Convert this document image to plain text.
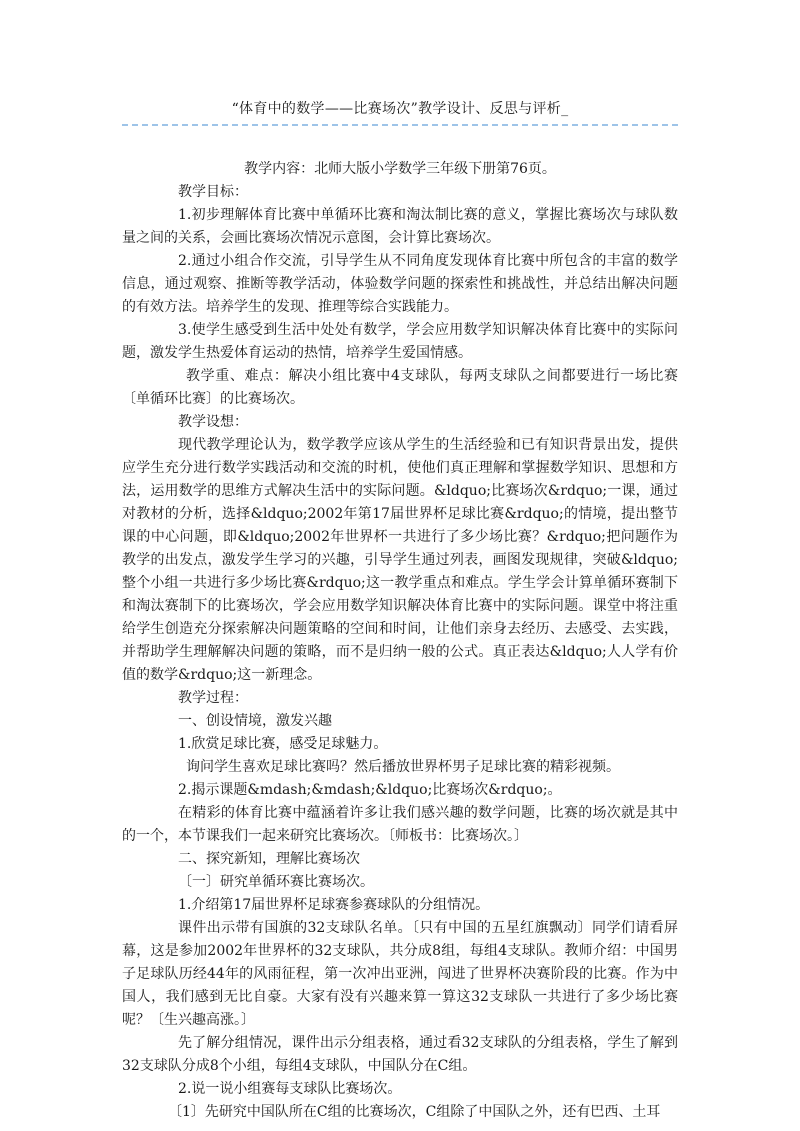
“体育中的数学——比赛场次”教学设计、反思与评析_

教学内容：北师大版小学数学三年级下册第76页。

教学目标：

1.初步理解体育比赛中单循环比赛和淘汰制比赛的意义，掌握比赛场次与球队数量之间的关系，会画比赛场次情况示意图，会计算比赛场次。

2.通过小组合作交流，引导学生从不同角度发现体育比赛中所包含的丰富的数学信息，通过观察、推断等教学活动，体验数学问题的探索性和挑战性，并总结出解决问题的有效方法。培养学生的发现、推理等综合实践能力。

3.使学生感受到生活中处处有数学，学会应用数学知识解决体育比赛中的实际问题，激发学生热爱体育运动的热情，培养学生爱国情感。

教学重、难点：解决小组比赛中4支球队，每两支球队之间都要进行一场比赛〔单循环比赛〕的比赛场次。

教学设想：

现代教学理论认为，数学教学应该从学生的生活经验和已有知识背景出发，提供应学生充分进行数学实践活动和交流的时机，使他们真正理解和掌握数学知识、思想和方法，运用数学的思维方式解决生活中的实际问题。&ldquo;比赛场次&rdquo;一课，通过对教材的分析，选择&ldquo;2002年第17届世界杯足球比赛&rdquo;的情境，提出整节课的中心问题，即&ldquo;2002年世界杯一共进行了多少场比赛？&rdquo;把问题作为教学的出发点，激发学生学习的兴趣，引导学生通过列表，画图发现规律，突破&ldquo;整个小组一共进行多少场比赛&rdquo;这一教学重点和难点。学生学会计算单循环赛制下和淘汰赛制下的比赛场次，学会应用数学知识解决体育比赛中的实际问题。课堂中将注重给学生创造充分探索解决问题策略的空间和时间，让他们亲身去经历、去感受、去实践，并帮助学生理解解决问题的策略，而不是归纳一般的公式。真正表达&ldquo;人人学有价值的数学&rdquo;这一新理念。

教学过程：

一、创设情境，激发兴趣

1.欣赏足球比赛，感受足球魅力。

询问学生喜欢足球比赛吗？然后播放世界杯男子足球比赛的精彩视频。

2.揭示课题&mdash;&mdash;&ldquo;比赛场次&rdquo;。

在精彩的体育比赛中蕴涵着许多让我们感兴趣的数学问题，比赛的场次就是其中的一个，本节课我们一起来研究比赛场次。〔师板书：比赛场次。〕

二、探究新知，理解比赛场次

〔一〕研究单循环赛比赛场次。

1.介绍第17届世界杯足球赛参赛球队的分组情况。

课件出示带有国旗的32支球队名单。〔只有中国的五星红旗飘动〕同学们请看屏幕，这是参加2002年世界杯的32支球队，共分成8组，每组4支球队。教师介绍：中国男子足球队历经44年的风雨征程，第一次冲出亚洲，闯进了世界杯决赛阶段的比赛。作为中国人，我们感到无比自豪。大家有没有兴趣来算一算这32支球队一共进行了多少场比赛呢？〔生兴趣高涨。〕

先了解分组情况，课件出示分组表格，通过看32支球队的分组表格，学生了解到32支球队分成8个小组，每组4支球队，中国队分在C组。

2.说一说小组赛每支球队比赛场次。

〔1〕先研究中国队所在C组的比赛场次，C组除了中国队之外，还有巴西、土耳
